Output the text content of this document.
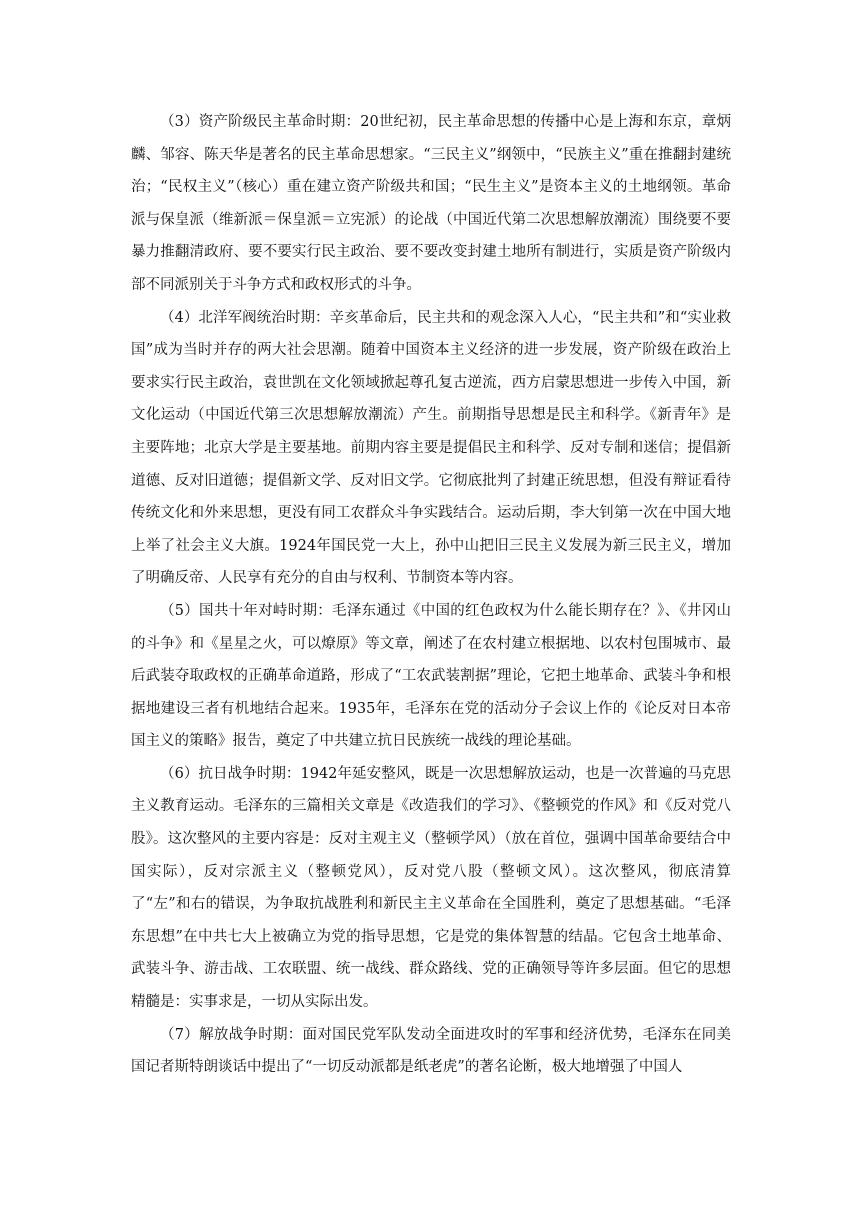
（3）资产阶级民主革命时期：20世纪初，民主革命思想的传播中心是上海和东京，章炳麟、邹容、陈天华是著名的民主革命思想家。“三民主义”纲领中，“民族主义”重在推翻封建统治；“民权主义”（核心）重在建立资产阶级共和国；“民生主义”是资本主义的土地纲领。革命派与保皇派（维新派＝保皇派＝立宪派）的论战（中国近代第二次思想解放潮流）围绕要不要暴力推翻清政府、要不要实行民主政治、要不要改变封建土地所有制进行，实质是资产阶级内部不同派别关于斗争方式和政权形式的斗争。

（4）北洋军阀统治时期：辛亥革命后，民主共和的观念深入人心，“民主共和”和“实业救国”成为当时并存的两大社会思潮。随着中国资本主义经济的进一步发展，资产阶级在政治上要求实行民主政治，袁世凯在文化领域掀起尊孔复古逆流，西方启蒙思想进一步传入中国，新文化运动（中国近代第三次思想解放潮流）产生。前期指导思想是民主和科学。《新青年》是主要阵地；北京大学是主要基地。前期内容主要是提倡民主和科学、反对专制和迷信；提倡新道德、反对旧道德；提倡新文学、反对旧文学。它彻底批判了封建正统思想，但没有辩证看待传统文化和外来思想，更没有同工农群众斗争实践结合。运动后期，李大钊第一次在中国大地上举了社会主义大旗。1924年国民党一大上，孙中山把旧三民主义发展为新三民主义，增加了明确反帝、人民享有充分的自由与权利、节制资本等内容。

（5）国共十年对峙时期：毛泽东通过《中国的红色政权为什么能长期存在？》、《井冈山的斗争》和《星星之火，可以燎原》等文章，阐述了在农村建立根据地、以农村包围城市、最后武装夺取政权的正确革命道路，形成了“工农武装割据”理论，它把土地革命、武装斗争和根据地建设三者有机地结合起来。1935年，毛泽东在党的活动分子会议上作的《论反对日本帝国主义的策略》报告，奠定了中共建立抗日民族统一战线的理论基础。

（6）抗日战争时期：1942年延安整风，既是一次思想解放运动，也是一次普遍的马克思主义教育运动。毛泽东的三篇相关文章是《改造我们的学习》、《整顿党的作风》和《反对党八股》。这次整风的主要内容是：反对主观主义（整顿学风）（放在首位，强调中国革命要结合中国实际），反对宗派主义（整顿党风），反对党八股（整顿文风）。这次整风，彻底清算了“左”和右的错误，为争取抗战胜利和新民主主义革命在全国胜利，奠定了思想基础。“毛泽东思想”在中共七大上被确立为党的指导思想，它是党的集体智慧的结晶。它包含土地革命、武装斗争、游击战、工农联盟、统一战线、群众路线、党的正确领导等许多层面。但它的思想精髓是：实事求是，一切从实际出发。

（7）解放战争时期：面对国民党军队发动全面进攻时的军事和经济优势，毛泽东在同美国记者斯特朗谈话中提出了“一切反动派都是纸老虎”的著名论断，极大地增强了中国人
